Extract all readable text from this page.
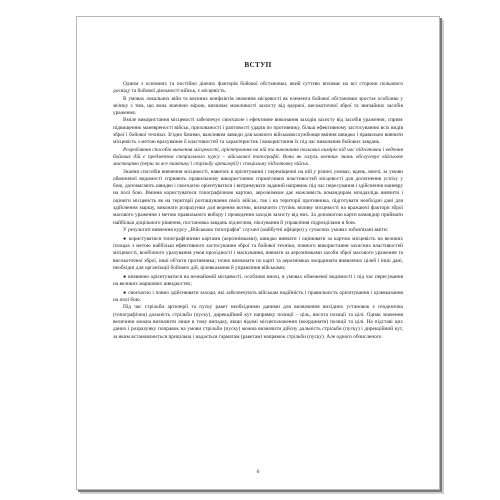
ВСТУП

Одним з основних та постійно діючих факторів бойової обстановки, який суттєво впливає на всі сторони польового досвіду та бойової діяльності військ, є місцевість.

В умовах локальних війн та воєнних конфліктів значення місцевості як елемента бойової обстановки зростає особливо у зв'язку з тим, що вона значною мірою, визначає можливості захисту від ядерної, високоточної зброї та звичайних засобів ураження.

Вміле використання місцевості забезпечує своєчасне і ефективне виконання заходів захисту від засобів ураження, сприяє підвищенню маневреності військ, прихованості і раптовості ударів по противнику, більш ефективному застосуванню всіх видів зброї і бойової техніки. Згідно бачимо, важливим завжди для кожного військовослужбовця вміння швидко і правильно вивчити місцевість з метою врахування її властивостей та характеристик і використання їх під час виконання бойових завдань.

Розробляння способів вивчення місцевості, орієнтування на ній та виконання польових вимірів під час підготовки і ведення бойових дій є предметом спеціального курсу – військової топографії. Вона як галузь воєнних знань обслуговує військове мистецтво (перш за все тактику і стрільбу артилерії) і спеціальну підготовку військ.

Знання способів вивчення місцевості, навичок в орієнтуванні і переміщенні на ній у різних умовах, вдень, вночі, за умови обмеженої видимості сприяють правильному використанню сприятливих властивостей місцевості для досягнення успіху у бою, допомагають швидко і своєчасно орієнтуватися і витримувати заданий напрямок під час пересування і здійснення маневру на полі бою. Вміння користуватися топографічною картою, аерознімком дає можливість командирам мподазлідь вивчити і оцінити місцевість як на території розташування своїх військ, так і на території противника, підготувати необхідні дані для здійснення маршу, виконати розрахунки для ведення вогню, визначити ступінь впливу місцевості на вражаючі фактори зброї масового ураження з метою правильного вибору і проведення заходів захисту від них. За допомогою карти командир приймати найбільш доцільного рішення, постановка завдань підлеглим, піклування й управління підрозділами в бою.

У результаті вивчення курсу „Військова топографія" слухачі (майбутні офіцери) у сучасних умовах зобов'язані вміти:

● користуватися топографічними картами (аерознімками), швидко вивчати і оцінювати за картою місцевість на великих площах з метою найбільш ефективного застосування зброї та бойової техніки, повного використання захисних властивостей місцевості, вообічного урахування умов прохідності і маскування, вивчати за аерознімками засоби зброї масового ураження та високоточної зброї, інші об'єкти противника; точно визначати по карті та аерознімках координати виявлених цілей і інші дані, необхідні для організації бойових дій, цілевказання й управління військами;

● впевнено орієнтуватися на незнайомій місцевості, особливо вночі, в умовах обмеженої видимості і під час пересування на великих маршових швидкостях;

● своєчасно і повно здійснювати заходи, які забезпечують військам надійність і правильність орієнтування і цілевказання на полі бою.

Під час стрільби артилерії та пуску ракет необхідними даними для визначення вихідних установок є геодезична (топографічна) дальність стрільби (пуску), дирекційний кут напрямку позиції – ціль, висота позиції та цілі. Однак значення величини можна визначити лише в тому випадку, якщо відомі місцеположення (координати) позиції та цілі. На підставі цих даних і розрахунку поправок на умови стрільби (пуску) можна визначити дійсну дальність стрільби (пуску) і дирекційний кут, за яким встановлюється прицільна і надається гарматам (ракетам) напрямок стрільби (пуску). Але одного обчисленого

6
